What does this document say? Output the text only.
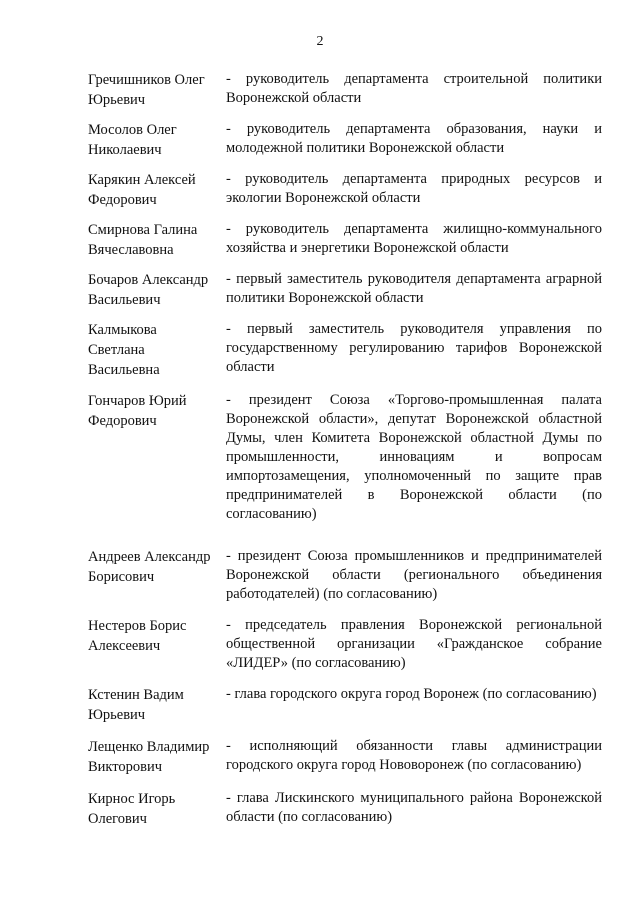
2
Гречишников Олег
Юрьевич
- руководитель департамента строительной политики Воронежской области
Мосолов Олег
Николаевич
- руководитель департамента образования, науки и молодежной политики Воронежской области
Карякин Алексей
Федорович
- руководитель департамента природных ресурсов и экологии Воронежской области
Смирнова Галина
Вячеславовна
- руководитель департамента жилищно-коммунального хозяйства и энергетики Воронежской области
Бочаров Александр
Васильевич
- первый заместитель руководителя департамента аграрной политики Воронежской области
Калмыкова
Светлана
Васильевна
- первый заместитель руководителя управления по государственному регулированию тарифов Воронежской области
Гончаров Юрий
Федорович
- президент Союза «Торгово-промышленная палата Воронежской области», депутат Воронежской областной Думы, член Комитета Воронежской областной Думы по промышленности, инновациям и вопросам импортозамещения, уполномоченный по защите прав предпринимателей в Воронежской области (по согласованию)
Андреев Александр
Борисович
- президент Союза промышленников и предпринимателей Воронежской области (регионального объединения работодателей) (по согласованию)
Нестеров Борис
Алексеевич
- председатель правления Воронежской региональной общественной организации «Гражданское собрание «ЛИДЕР» (по согласованию)
Кстенин Вадим
Юрьевич
- глава городского округа город Воронеж (по согласованию)
Лещенко Владимир
Викторович
- исполняющий обязанности главы администрации городского округа город Нововоронеж (по согласованию)
Кирнос Игорь
Олегович
- глава Лискинского муниципального района Воронежской области (по согласованию)
